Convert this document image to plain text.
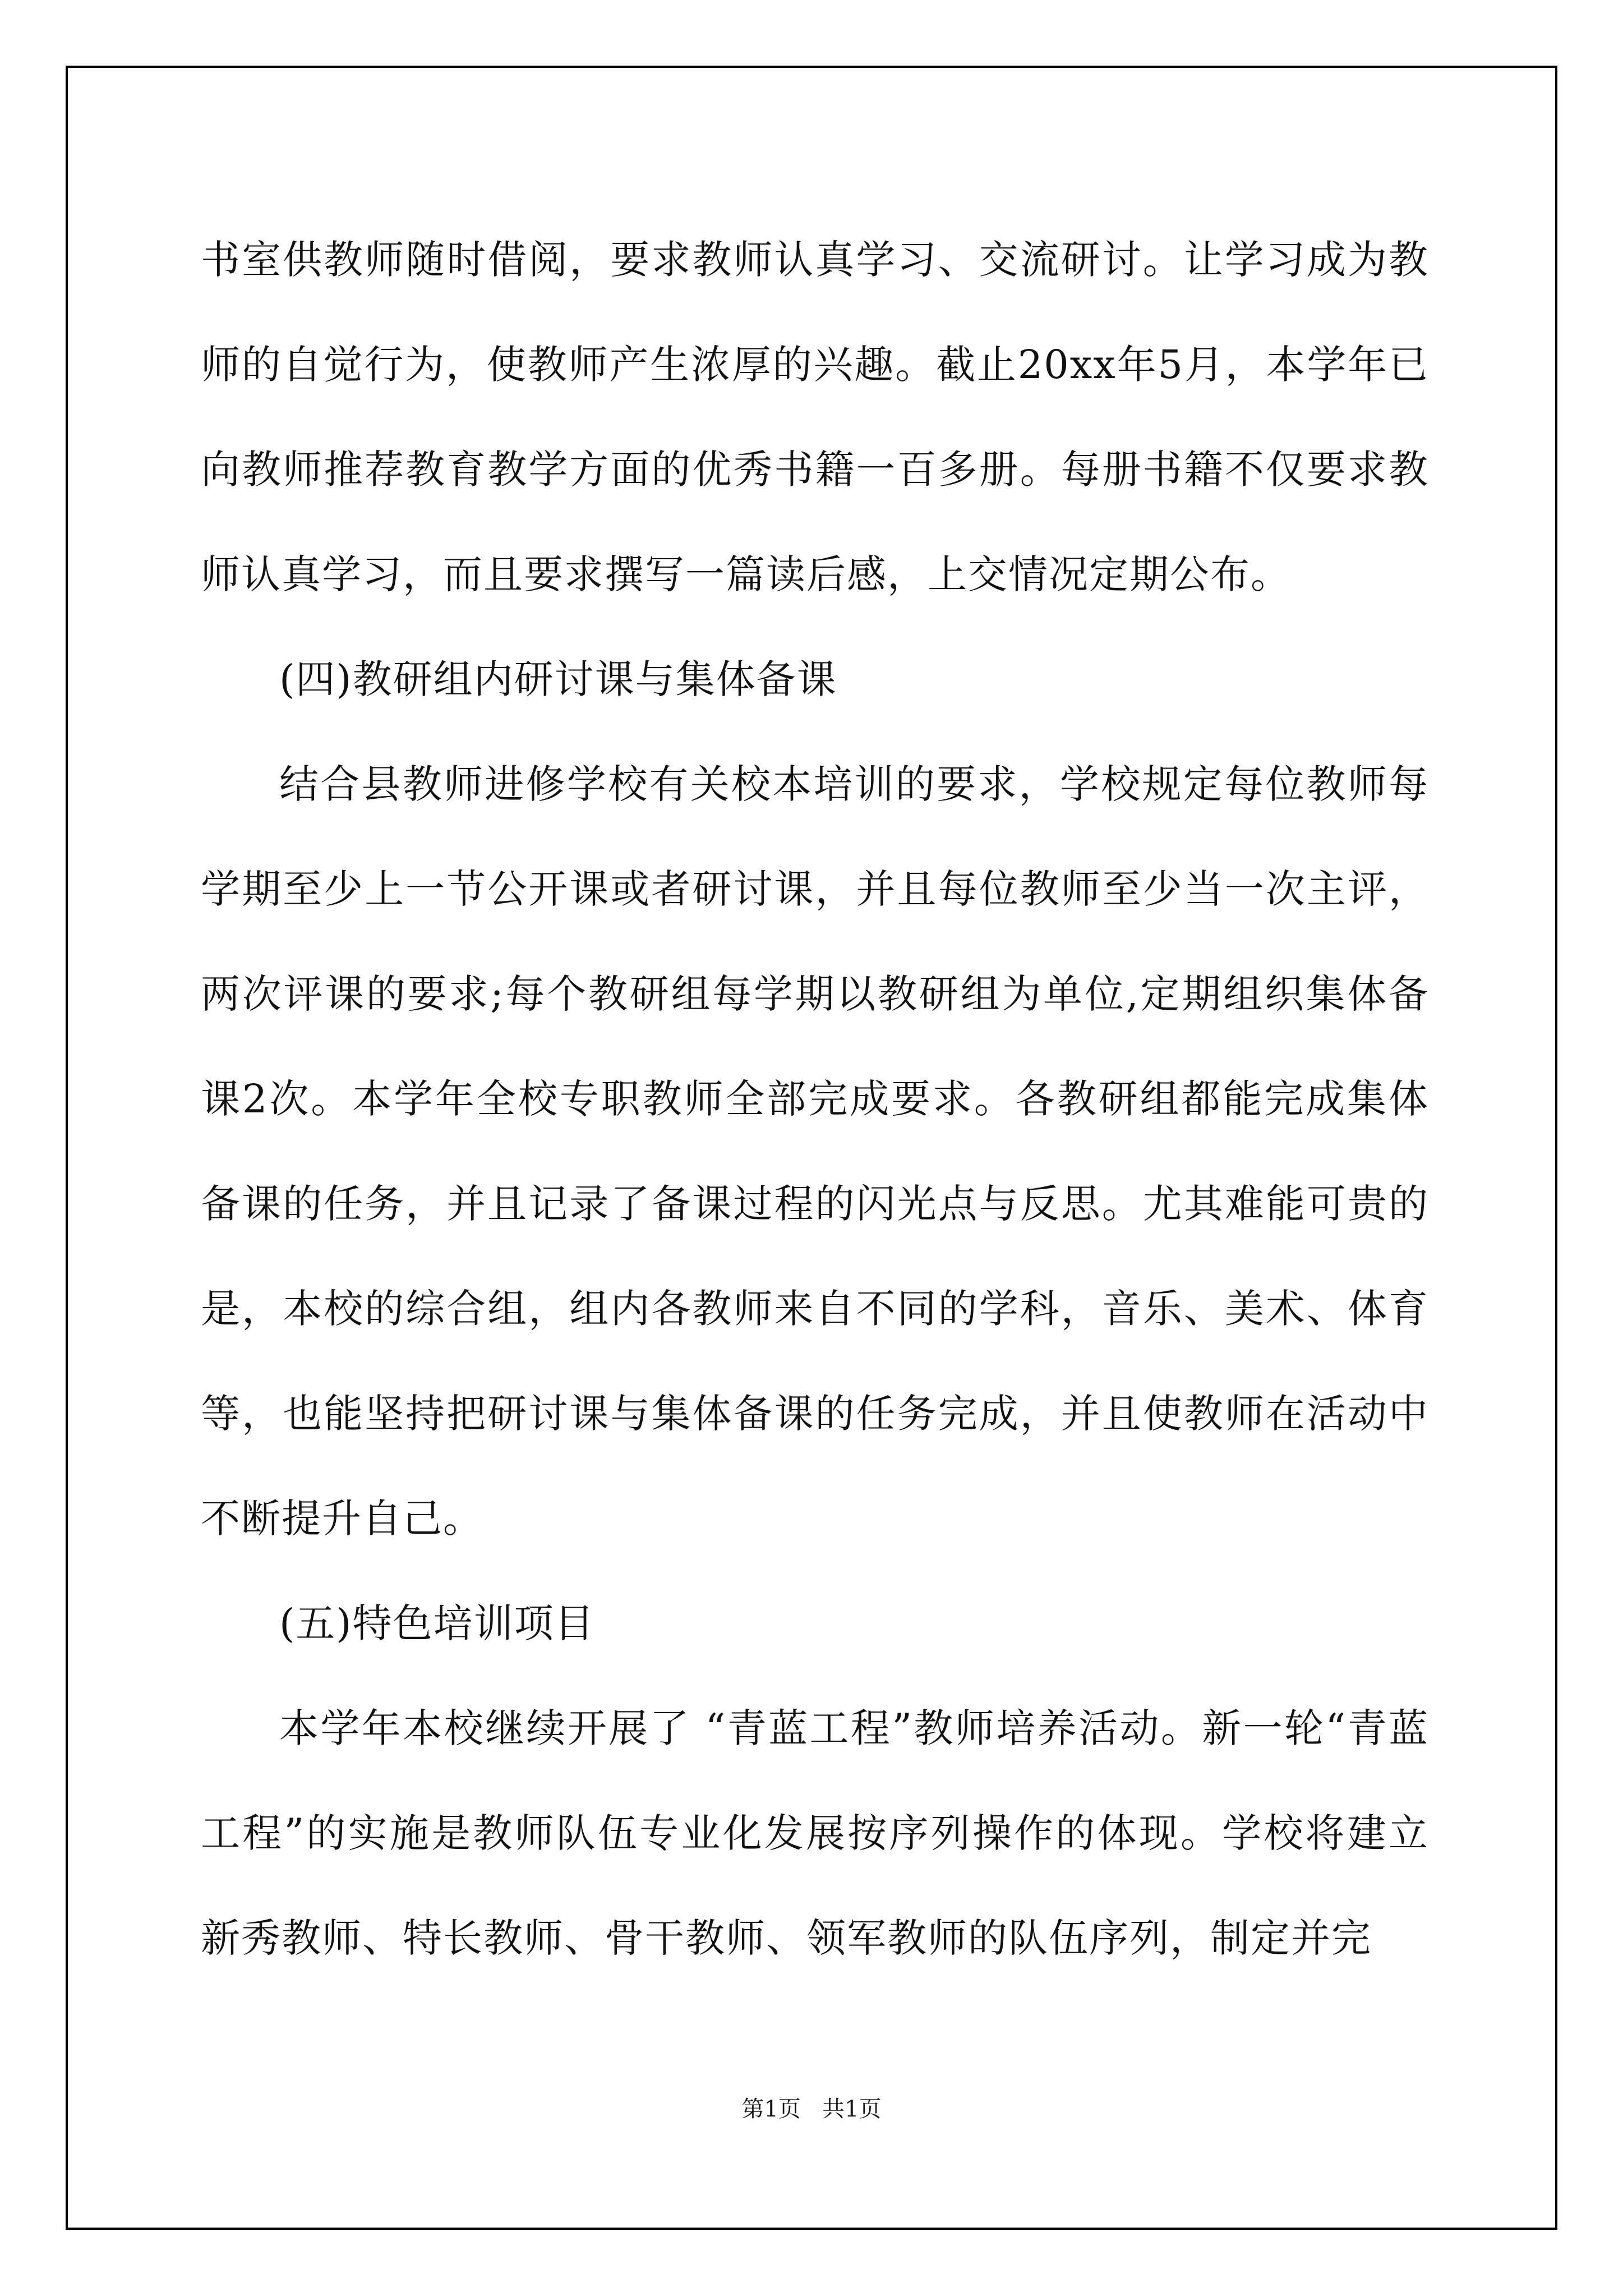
书室供教师随时借阅，要求教师认真学习、交流研讨。让学习成为教师的自觉行为，使教师产生浓厚的兴趣。截止20xx年5月，本学年已向教师推荐教育教学方面的优秀书籍一百多册。每册书籍不仅要求教师认真学习，而且要求撰写一篇读后感，上交情况定期公布。

(四)教研组内研讨课与集体备课

结合县教师进修学校有关校本培训的要求，学校规定每位教师每学期至少上一节公开课或者研讨课，并且每位教师至少当一次主评，两次评课的要求;每个教研组每学期以教研组为单位,定期组织集体备课2次。本学年全校专职教师全部完成要求。各教研组都能完成集体备课的任务，并且记录了备课过程的闪光点与反思。尤其难能可贵的是，本校的综合组，组内各教师来自不同的学科，音乐、美术、体育等，也能坚持把研讨课与集体备课的任务完成，并且使教师在活动中不断提升自己。

(五)特色培训项目

本学年本校继续开展了 “青蓝工程”教师培养活动。新一轮“青蓝工程”的实施是教师队伍专业化发展按序列操作的体现。学校将建立新秀教师、特长教师、骨干教师、领军教师的队伍序列，制定并完

第1页   共1页
